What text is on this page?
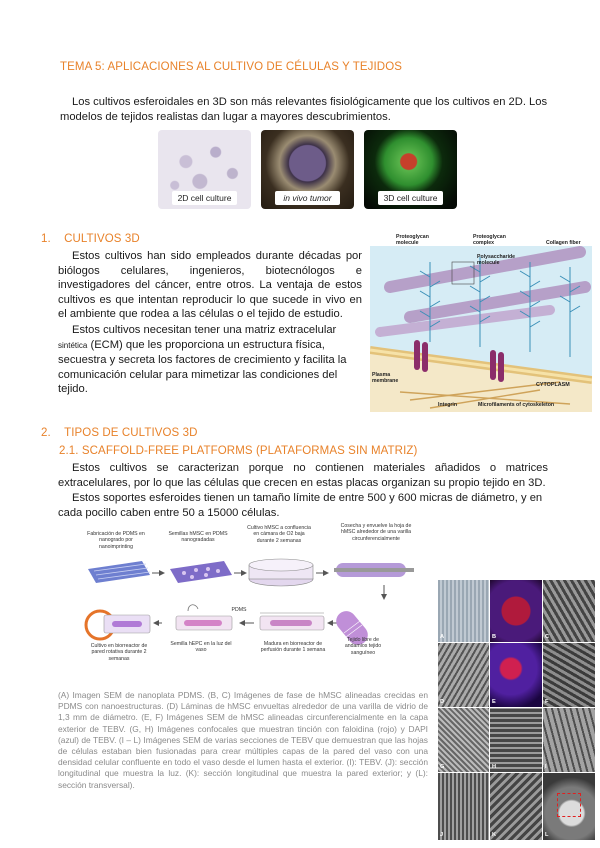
TEMA 5: APLICACIONES AL CULTIVO DE CÉLULAS Y TEJIDOS
Los cultivos esferoidales en 3D son más relevantes fisiológicamente que los cultivos en 2D. Los modelos de tejidos realistas dan lugar a mayores descubrimientos.
2D cell culture	in vivo tumor	3D cell culture
1. CULTIVOS 3D
Estos cultivos han sido empleados durante décadas por biólogos celulares, ingenieros, biotecnólogos e investigadores del cáncer, entre otros. La ventaja de estos cultivos es que intentan reproducir lo que sucede in vivo en el ambiente que rodea a las células o el tejido de estudio.
Estos cultivos necesitan tener una matriz extracelular sintética (ECM) que les proporciona un estructura física, secuestra y secreta los factores de crecimiento y facilita la comunicación celular para mimetizar las condiciones del tejido.
Proteoglycan molecule
Proteoglycan complex
Polysaccharide molecule
Collagen fiber
Plasma membrane
CYTOPLASM
Integrin	Microfilaments of cytoskeleton
2. TIPOS DE CULTIVOS 3D
2.1. SCAFFOLD-FREE PLATFORMS (PLATAFORMAS SIN MATRIZ)
Estos cultivos se caracterizan porque no contienen materiales añadidos o matrices extracelulares, por lo que las células que crecen en estas placas organizan su propio tejido en 3D.
Estos soportes esferoides tienen un tamaño límite de entre 500 y 600 micras de diámetro, y en cada pocillo caben entre 50 a 15000 células.
Fabricación de PDMS en nanogrado por nanoimprinting
Semillas hMSC en PDMS nanogradadas
Cultivo hMSC a confluencia en cámara de O2 baja durante 2 semanas
Cosecha y envuelve la hoja de hMSC alrededor de una varilla circunferencialmente
PDMS
Cultivo en biorreactor de pared rotativa durante 2 semanas
Semilla hEPC en la luz del vaso
Madura en biorreactor de perfusión durante 1 semana
Tejido libre de andamios tejido sanguíneo
(A) Imagen SEM de nanoplata PDMS. (B, C) Imágenes de fase de hMSC alineadas crecidas en PDMS con nanoestructuras. (D) Láminas de hMSC envueltas alrededor de una varilla de vidrio de 1,3 mm de diámetro. (E, F) Imágenes SEM de hMSC alineadas circunferencialmente en la capa exterior de TEBV. (G, H) Imágenes confocales que muestran tinción con faloidina (rojo) y DAPI (azul) de TEBV. (I – L) Imágenes SEM de varias secciones de TEBV que demuestran que las hojas de células estaban bien fusionadas para crear múltiples capas de la pared del vaso con una densidad celular confluente en todo el vaso desde el lumen hasta el exterior. (I): TEBV. (J): sección longitudinal que muestra la luz. (K): sección longitudinal que muestra la pared exterior; y (L): sección transversal).
A	B	C
D	E	F
G	H	I
J	K	L
